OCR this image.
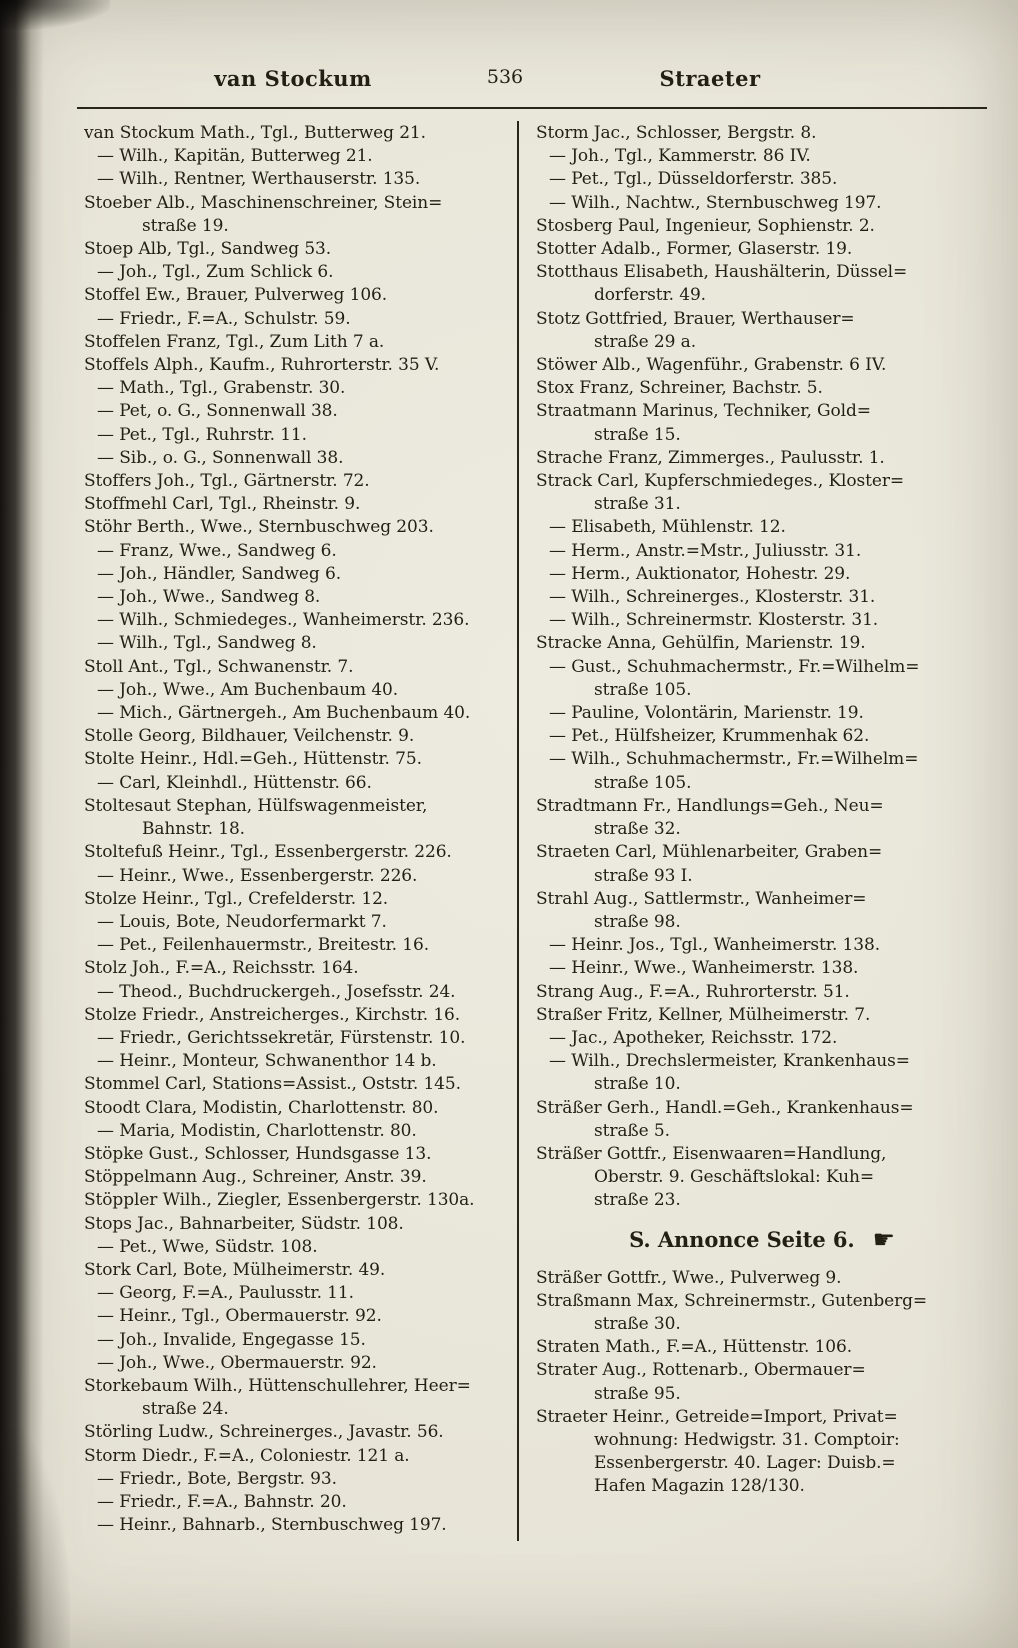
van Stockum	536	Straeter
van Stockum Math., Tgl., Butterweg 21.
— Wilh., Kapitän, Butterweg 21.
— Wilh., Rentner, Werthauserstr. 135.
Stoeber Alb., Maschinenschreiner, Stein=
straße 19.
Stoep Alb, Tgl., Sandweg 53.
— Joh., Tgl., Zum Schlick 6.
Stoffel Ew., Brauer, Pulverweg 106.
— Friedr., F.=A., Schulstr. 59.
Stoffelen Franz, Tgl., Zum Lith 7 a.
Stoffels Alph., Kaufm., Ruhrorterstr. 35 V.
— Math., Tgl., Grabenstr. 30.
— Pet, o. G., Sonnenwall 38.
— Pet., Tgl., Ruhrstr. 11.
— Sib., o. G., Sonnenwall 38.
Stoffers Joh., Tgl., Gärtnerstr. 72.
Stoffmehl Carl, Tgl., Rheinstr. 9.
Stöhr Berth., Wwe., Sternbuschweg 203.
— Franz, Wwe., Sandweg 6.
— Joh., Händler, Sandweg 6.
— Joh., Wwe., Sandweg 8.
— Wilh., Schmiedeges., Wanheimerstr. 236.
— Wilh., Tgl., Sandweg 8.
Stoll Ant., Tgl., Schwanenstr. 7.
— Joh., Wwe., Am Buchenbaum 40.
— Mich., Gärtnergeh., Am Buchenbaum 40.
Stolle Georg, Bildhauer, Veilchenstr. 9.
Stolte Heinr., Hdl.=Geh., Hüttenstr. 75.
— Carl, Kleinhdl., Hüttenstr. 66.
Stoltesaut Stephan, Hülfswagenmeister,
Bahnstr. 18.
Stoltefuß Heinr., Tgl., Essenbergerstr. 226.
— Heinr., Wwe., Essenbergerstr. 226.
Stolze Heinr., Tgl., Crefelderstr. 12.
— Louis, Bote, Neudorfermarkt 7.
— Pet., Feilenhauermstr., Breitestr. 16.
Stolz Joh., F.=A., Reichsstr. 164.
— Theod., Buchdruckergeh., Josefsstr. 24.
Stolze Friedr., Anstreicherges., Kirchstr. 16.
— Friedr., Gerichtssekretär, Fürstenstr. 10.
— Heinr., Monteur, Schwanenthor 14 b.
Stommel Carl, Stations=Assist., Oststr. 145.
Stoodt Clara, Modistin, Charlottenstr. 80.
— Maria, Modistin, Charlottenstr. 80.
Stöpke Gust., Schlosser, Hundsgasse 13.
Stöppelmann Aug., Schreiner, Anstr. 39.
Stöppler Wilh., Ziegler, Essenbergerstr. 130a.
Stops Jac., Bahnarbeiter, Südstr. 108.
— Pet., Wwe, Südstr. 108.
Stork Carl, Bote, Mülheimerstr. 49.
— Georg, F.=A., Paulusstr. 11.
— Heinr., Tgl., Obermauerstr. 92.
— Joh., Invalide, Engegasse 15.
— Joh., Wwe., Obermauerstr. 92.
Storkebaum Wilh., Hüttenschullehrer, Heer=
straße 24.
Störling Ludw., Schreinerges., Javastr. 56.
Storm Diedr., F.=A., Coloniestr. 121 a.
— Friedr., Bote, Bergstr. 93.
— Friedr., F.=A., Bahnstr. 20.
— Heinr., Bahnarb., Sternbuschweg 197.
Storm Jac., Schlosser, Bergstr. 8.
— Joh., Tgl., Kammerstr. 86 IV.
— Pet., Tgl., Düsseldorferstr. 385.
— Wilh., Nachtw., Sternbuschweg 197.
Stosberg Paul, Ingenieur, Sophienstr. 2.
Stotter Adalb., Former, Glaserstr. 19.
Stotthaus Elisabeth, Haushälterin, Düssel=
dorferstr. 49.
Stotz Gottfried, Brauer, Werthauser=
straße 29 a.
Stöwer Alb., Wagenführ., Grabenstr. 6 IV.
Stox Franz, Schreiner, Bachstr. 5.
Straatmann Marinus, Techniker, Gold=
straße 15.
Strache Franz, Zimmerges., Paulusstr. 1.
Strack Carl, Kupferschmiedeges., Kloster=
straße 31.
— Elisabeth, Mühlenstr. 12.
— Herm., Anstr.=Mstr., Juliusstr. 31.
— Herm., Auktionator, Hohestr. 29.
— Wilh., Schreinerges., Klosterstr. 31.
— Wilh., Schreinermstr. Klosterstr. 31.
Stracke Anna, Gehülfin, Marienstr. 19.
— Gust., Schuhmachermstr., Fr.=Wilhelm=
straße 105.
— Pauline, Volontärin, Marienstr. 19.
— Pet., Hülfsheizer, Krummenhak 62.
— Wilh., Schuhmachermstr., Fr.=Wilhelm=
straße 105.
Stradtmann Fr., Handlungs=Geh., Neu=
straße 32.
Straeten Carl, Mühlenarbeiter, Graben=
straße 93 I.
Strahl Aug., Sattlermstr., Wanheimer=
straße 98.
— Heinr. Jos., Tgl., Wanheimerstr. 138.
— Heinr., Wwe., Wanheimerstr. 138.
Strang Aug., F.=A., Ruhrorterstr. 51.
Straßer Fritz, Kellner, Mülheimerstr. 7.
— Jac., Apotheker, Reichsstr. 172.
— Wilh., Drechslermeister, Krankenhaus=
straße 10.
Sträßer Gerh., Handl.=Geh., Krankenhaus=
straße 5.
Sträßer Gottfr., Eisenwaaren=Handlung,
Oberstr. 9. Geschäftslokal: Kuh=
straße 23.
S. Annonce Seite 6. ☛
Sträßer Gottfr., Wwe., Pulverweg 9.
Straßmann Max, Schreinermstr., Gutenberg=
straße 30.
Straten Math., F.=A., Hüttenstr. 106.
Strater Aug., Rottenarb., Obermauer=
straße 95.
Straeter Heinr., Getreide=Import, Privat=
wohnung: Hedwigstr. 31. Comptoir:
Essenbergerstr. 40. Lager: Duisb.=
Hafen Magazin 128/130.
